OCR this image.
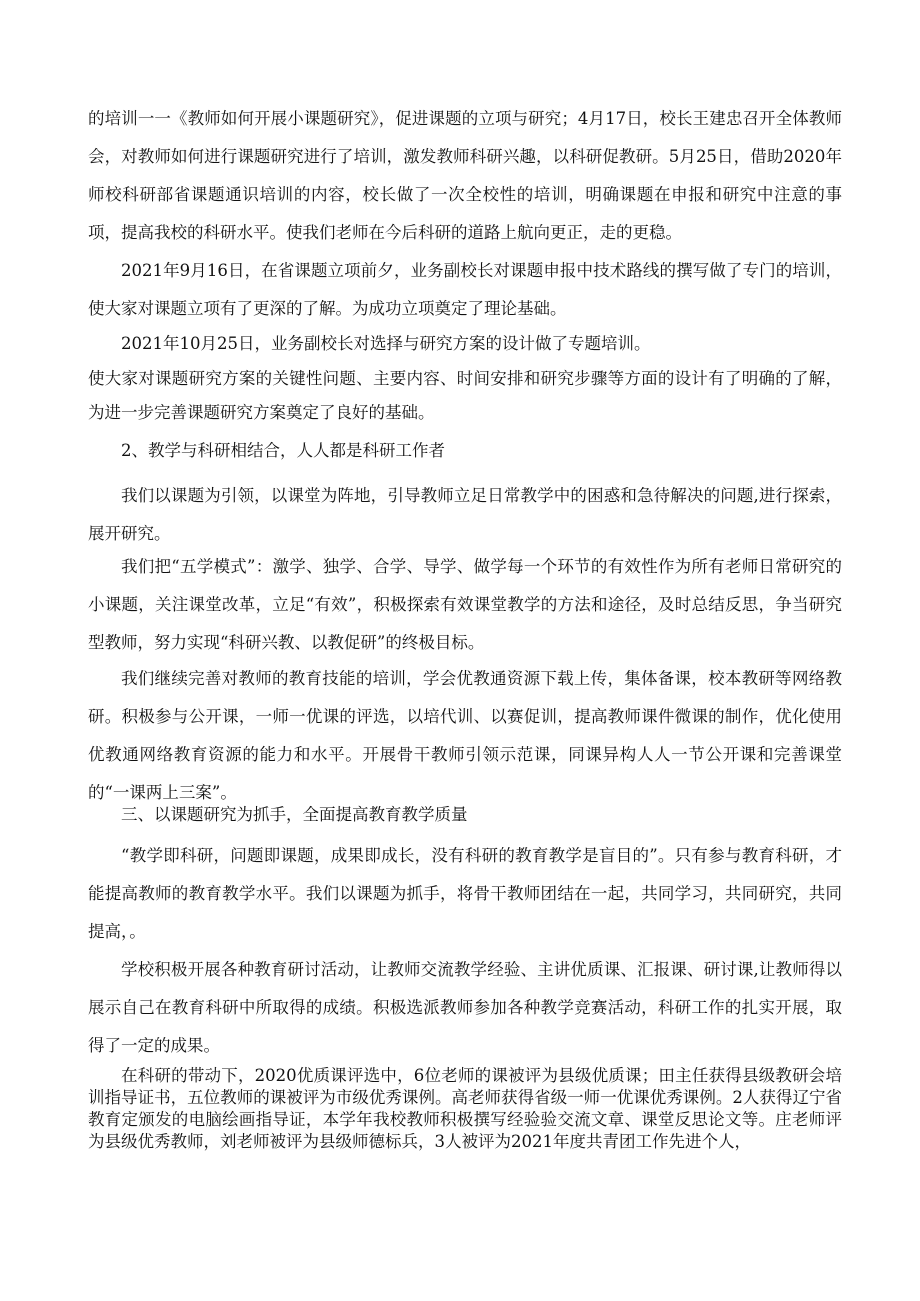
的培训一一《教师如何开展小课题研究》，促进课题的立项与研究；4月17日，校长王建忠召开全体教师会，对教师如何进行课题研究进行了培训，激发教师科研兴趣，以科研促教研。5月25日，借助2020年师校科研部省课题通识培训的内容，校长做了一次全校性的培训，明确课题在申报和研究中注意的事项，提高我校的科研水平。使我们老师在今后科研的道路上航向更正，走的更稳。

2021年9月16日，在省课题立项前夕，业务副校长对课题申报中技术路线的撰写做了专门的培训，使大家对课题立项有了更深的了解。为成功立项奠定了理论基础。

2021年10月25日，业务副校长对选择与研究方案的设计做了专题培训。

使大家对课题研究方案的关键性问题、主要内容、时间安排和研究步骤等方面的设计有了明确的了解，为进一步完善课题研究方案奠定了良好的基础。

2、教学与科研相结合，人人都是科研工作者

我们以课题为引领，以课堂为阵地，引导教师立足日常教学中的困惑和急待解决的问题,进行探索，展开研究。

我们把“五学模式”：激学、独学、合学、导学、做学每一个环节的有效性作为所有老师日常研究的小课题，关注课堂改革，立足“有效”，积极探索有效课堂教学的方法和途径，及时总结反思，争当研究型教师，努力实现“科研兴教、以教促研”的终极目标。

我们继续完善对教师的教育技能的培训，学会优教通资源下载上传，集体备课，校本教研等网络教研。积极参与公开课，一师一优课的评选，以培代训、以赛促训，提高教师课件微课的制作，优化使用优教通网络教育资源的能力和水平。开展骨干教师引领示范课，同课异构人人一节公开课和完善课堂的“一课两上三案”。

三、以课题研究为抓手，全面提高教育教学质量

“教学即科研，问题即课题，成果即成长，没有科研的教育教学是盲目的”。只有参与教育科研，才能提高教师的教育教学水平。我们以课题为抓手，将骨干教师团结在一起，共同学习，共同研究，共同提高，。

学校积极开展各种教育研讨活动，让教师交流教学经验、主讲优质课、汇报课、研讨课,让教师得以展示自己在教育科研中所取得的成绩。积极选派教师参加各种教学竞赛活动，科研工作的扎实开展，取得了一定的成果。

在科研的带动下，2020优质课评选中，6位老师的课被评为县级优质课；田主任获得县级教研会培训指导证书，五位教师的课被评为市级优秀课例。高老师获得省级一师一优课优秀课例。2人获得辽宁省教育定颁发的电脑绘画指导证，本学年我校教师积极撰写经验验交流文章、课堂反思论文等。庄老师评为县级优秀教师，刘老师被评为县级师德标兵，3人被评为2021年度共青团工作先进个人，
